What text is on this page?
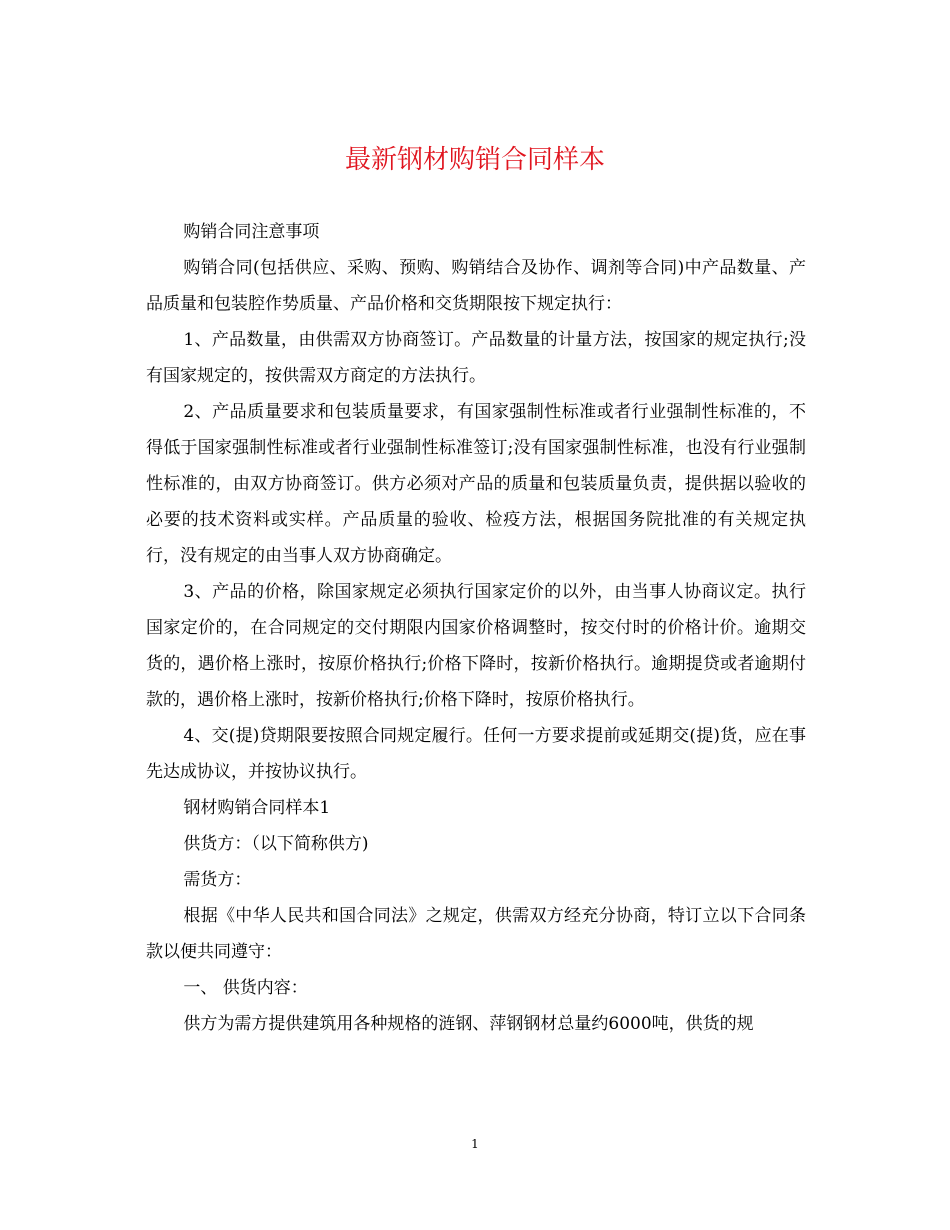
最新钢材购销合同样本

购销合同注意事项

购销合同(包括供应、采购、预购、购销结合及协作、调剂等合同)中产品数量、产品质量和包装腔作势质量、产品价格和交货期限按下规定执行：

1、产品数量，由供需双方协商签订。产品数量的计量方法，按国家的规定执行;没有国家规定的，按供需双方商定的方法执行。

2、产品质量要求和包装质量要求，有国家强制性标准或者行业强制性标准的，不得低于国家强制性标准或者行业强制性标准签订;没有国家强制性标准，也没有行业强制性标准的，由双方协商签订。供方必须对产品的质量和包装质量负责，提供据以验收的必要的技术资料或实样。产品质量的验收、检疫方法，根据国务院批准的有关规定执行，没有规定的由当事人双方协商确定。

3、产品的价格，除国家规定必须执行国家定价的以外，由当事人协商议定。执行国家定价的，在合同规定的交付期限内国家价格调整时，按交付时的价格计价。逾期交货的，遇价格上涨时，按原价格执行;价格下降时，按新价格执行。逾期提贷或者逾期付款的，遇价格上涨时，按新价格执行;价格下降时，按原价格执行。

4、交(提)贷期限要按照合同规定履行。任何一方要求提前或延期交(提)货，应在事先达成协议，并按协议执行。

钢材购销合同样本1

供货方：（以下简称供方)

需货方：

根据《中华人民共和国合同法》之规定，供需双方经充分协商，特订立以下合同条款以便共同遵守：

一、 供货内容：

供方为需方提供建筑用各种规格的涟钢、萍钢钢材总量约6000吨，供货的规

1
